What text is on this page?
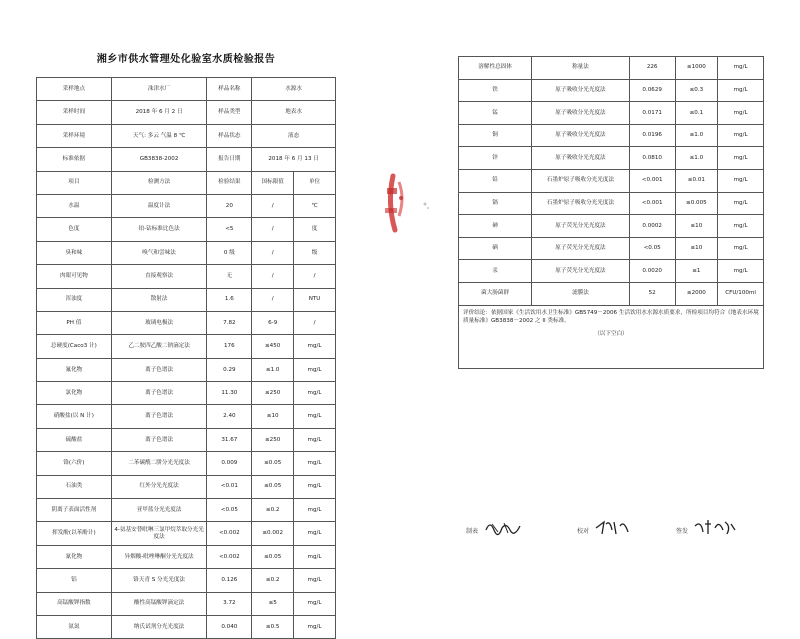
湘乡市供水管理处化验室水质检验报告
采样地点	洙津水厂	样品名称	水源水	
采样时间	2018 年 6 月 2 日	样品类型	地表水	
采样环境	天气: 多云 气温 8 ℃	样品状态	液态	
标准依据	GB3838-2002	报告日期	2018 年 6 月 13 日	
项目	检测方法	检验结果	国标限值	单位
水温	温度计法	20	/	℃
色度	铂-钴标准比色法	<5	/	度
臭和味	嗅气和尝味法	0 级	/	级
肉眼可见物	直接观察法	无	/	/
浑浊度	散射法	1.6	/	NTU
PH 值	玻璃电极法	7.82	6-9	/
总硬度(Caco3 计)	乙二胺四乙酸二钠滴定法	176	≤450	mg/L
氟化物	离子色谱法	0.29	≤1.0	mg/L
氯化物	离子色谱法	11.30	≤250	mg/L
硝酸盐(以 N 计)	离子色谱法	2.40	≤10	mg/L
硫酸盐	离子色谱法	31.67	≤250	mg/L
铬(六价)	二苯碳酰二肼分光光度法	0.009	≤0.05	mg/L
石油类	红外分光光度法	<0.01	≤0.05	mg/L
阴离子表面活性剂	亚甲蓝分光光度法	<0.05	≤0.2	mg/L
挥发酚(以苯酚计)	4-氨基安替吡啉三氯甲烷萃取分光光度法	<0.002	≤0.002	mg/L
氰化物	异烟酸-吡唑啉酮分光光度法	<0.002	≤0.05	mg/L
铝	铬天青 S 分光光度法	0.126	≤0.2	mg/L
高锰酸钾指数	酸性高锰酸钾滴定法	3.72	≤5	mg/L
氨氮	纳氏试剂分光光度法	0.040	≤0.5	mg/L
溶解性总固体	称量法	226	≤1000	mg/L
铁	原子吸收分光光度法	0.0629	≤0.3	mg/L
锰	原子吸收分光光度法	0.0171	≤0.1	mg/L
铜	原子吸收分光光度法	0.0196	≤1.0	mg/L
锌	原子吸收分光光度法	0.0810	≤1.0	mg/L
铅	石墨炉原子吸收分光光度法	<0.001	≤0.01	mg/L
镉	石墨炉原子吸收分光光度法	<0.001	≤0.005	mg/L
砷	原子荧光分光光度法	0.0002	≤10	mg/L
硒	原子荧光分光光度法	<0.05	≤10	mg/L
汞	原子荧光分光光度法	0.0020	≤1	mg/L
菌大肠菌群	滤膜法	52	≤2000	CFU/100ml
评价结论：依据国家《生活饮用水卫生标准》GB5749－2006 生活饮用水水源水质要求，所检项目均符合《地表水环境质量标准》GB3838－2002 之 II 类标准。
（以下空白）				
制表	校对	签发
